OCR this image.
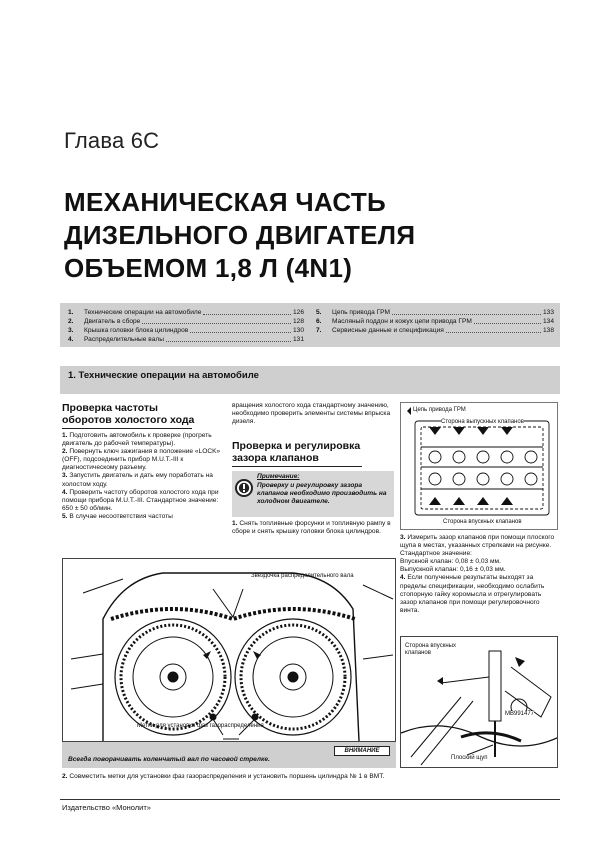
Глава 6С
МЕХАНИЧЕСКАЯ ЧАСТЬ
ДИЗЕЛЬНОГО ДВИГАТЕЛЯ
ОБЪЕМОМ 1,8 Л (4N1)
1.	Технические операции на автомобиле	126
2.	Двигатель в сборе	128
3.	Крышка головки блока цилиндров	130
4.	Распределительные валы	131
5.	Цепь привода ГРМ	133
6.	Масляный поддон и кожух цепи привода ГРМ	134
7.	Сервисные данные и спецификация	138
1. Технические операции на автомобиле
Проверка частоты
оборотов холостого хода
1. Подготовить автомобиль к проверке (прогреть двигатель до рабочей температуры).
2. Повернуть ключ зажигания в положение «LOCK» (OFF), подсоединить прибор M.U.T.-III к диагностическому разъему.
3. Запустить двигатель и дать ему поработать на холостом ходу.
4. Проверить частоту оборотов холостого хода при помощи прибора M.U.T.-III. Стандартное значение: 650 ± 50 об/мин.
5. В случае несоответствия частоты
вращения холостого хода стандартному значению, необходимо проверить элементы системы впрыска дизеля.
Проверка и регулировка
зазора клапанов
Примечание:
Проверку и регулировку зазора клапанов необходимо производить на холодном двигателе.
1. Снять топливные форсунки и топливную рампу в сборе и снять крышку головки блока цилиндров.
Звездочка распределительного вала
Метки для установки фаз газораспределения
Цепь привода ГРМ
Сторона выпускных клапанов
Сторона впускных клапанов
3. Измерить зазор клапанов при помощи плоского щупа в местах, указанных стрелками на рисунке.
Стандартное значение:
Впускной клапан: 0,08 ± 0,03 мм.
Выпускной клапан: 0,16 ± 0,03 мм.
4. Если полученные результаты выходят за пределы спецификации, необходимо ослабить стопорную гайку коромысла и отрегулировать зазор клапанов при помощи регулировочного винта.
Сторона впускных клапанов
MB991477
Плоский щуп
ВНИМАНИЕ
Всегда поворачивать коленчатый вал по часовой стрелке.
2. Совместить метки для установки фаз газораспределения и установить поршень цилиндра № 1 в ВМТ.
Издательство «Монолит»
